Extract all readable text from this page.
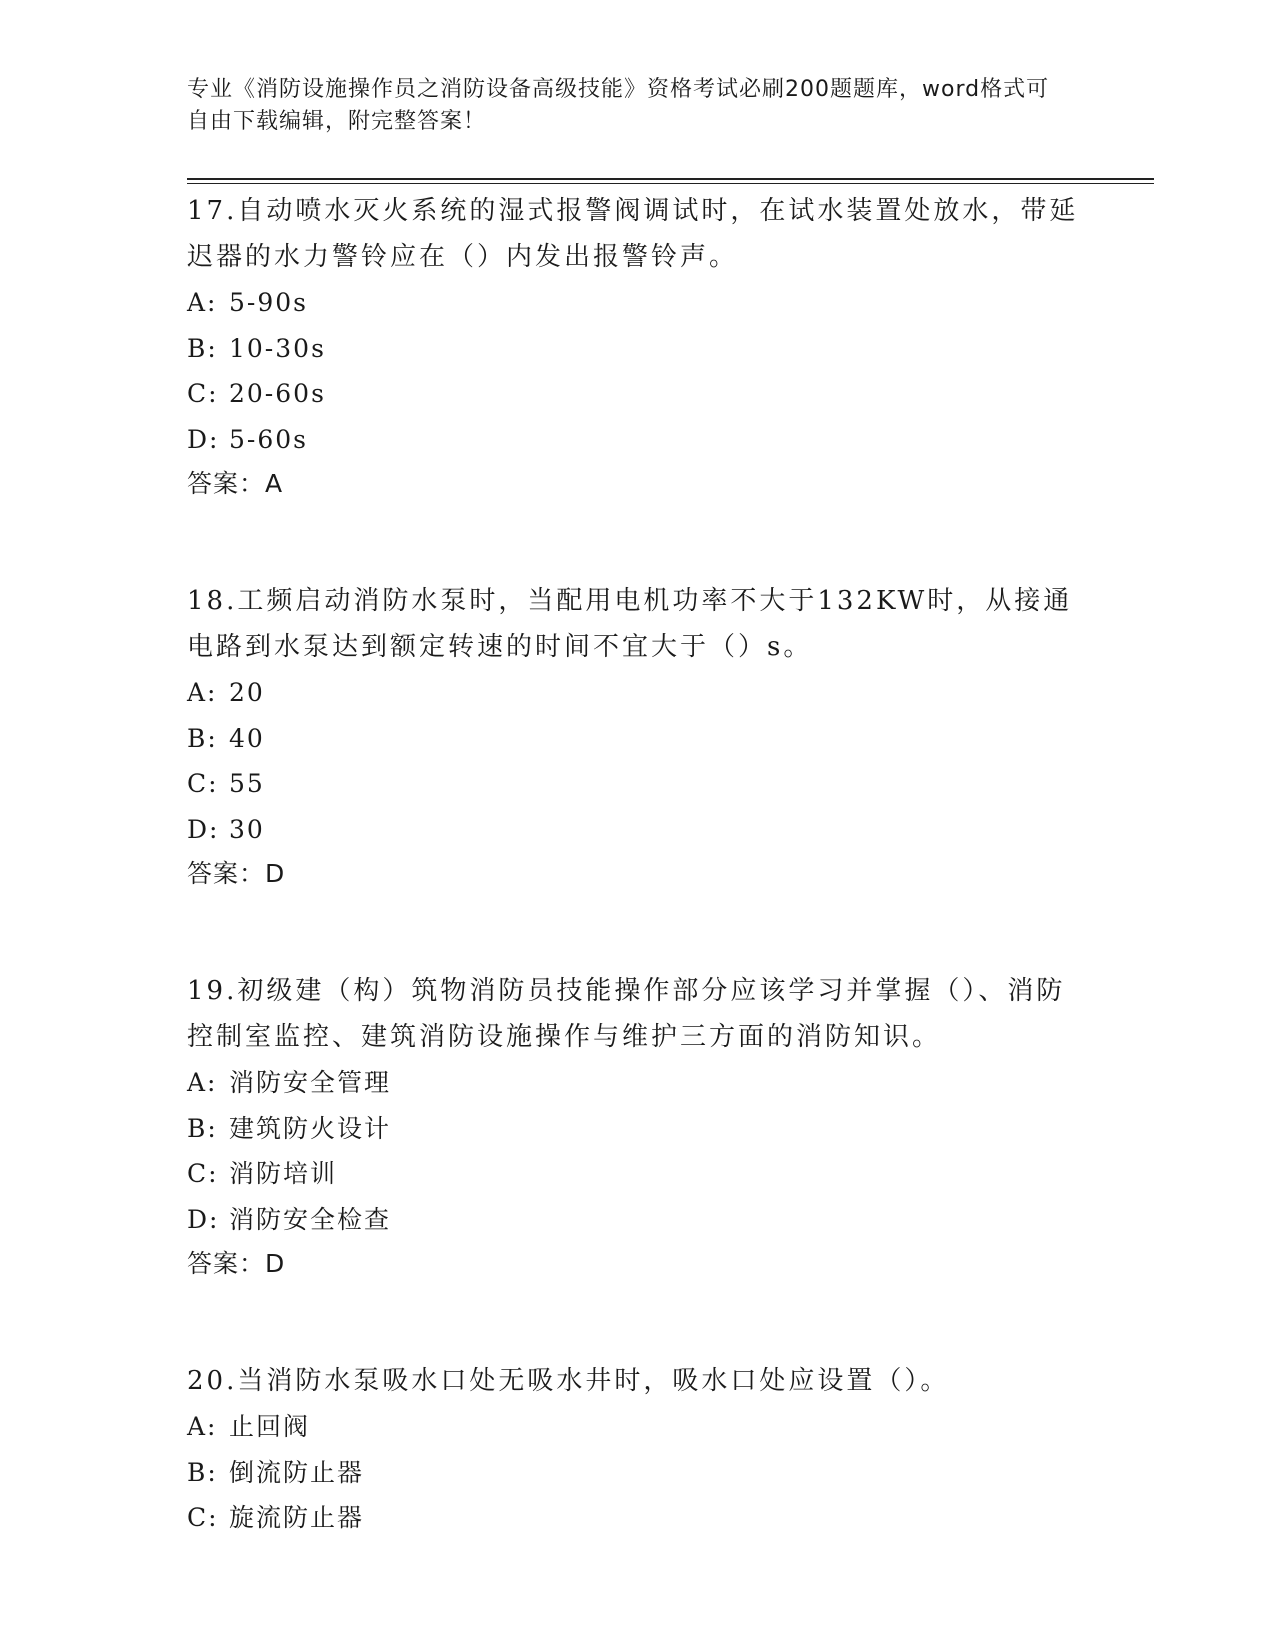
专业《消防设施操作员之消防设备高级技能》资格考试必刷200题题库，word格式可自由下载编辑，附完整答案！

17.自动喷水灭火系统的湿式报警阀调试时，在试水装置处放水，带延迟器的水力警铃应在（）内发出报警铃声。

A: 5-90s
B: 10-30s
C: 20-60s
D: 5-60s
答案：A

18.工频启动消防水泵时，当配用电机功率不大于132KW时，从接通电路到水泵达到额定转速的时间不宜大于（）s。

A: 20
B: 40
C: 55
D: 30
答案：D

19.初级建（构）筑物消防员技能操作部分应该学习并掌握（）、消防控制室监控、建筑消防设施操作与维护三方面的消防知识。

A: 消防安全管理
B: 建筑防火设计
C: 消防培训
D: 消防安全检查
答案：D

20.当消防水泵吸水口处无吸水井时，吸水口处应设置（）。

A: 止回阀
B: 倒流防止器
C: 旋流防止器
